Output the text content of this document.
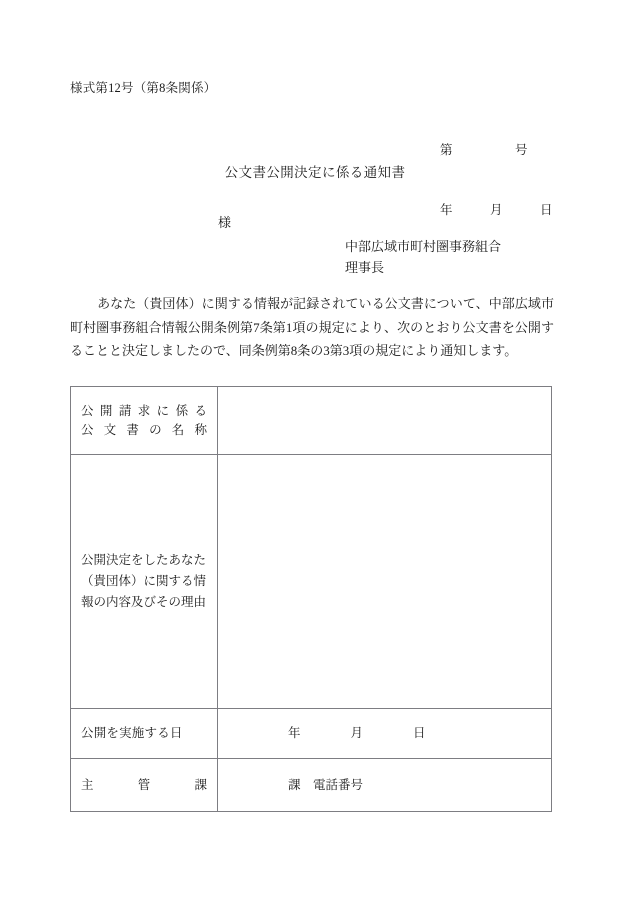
様式第12号（第8条関係）

第　　　　　号

年　　　月　　　日

公文書公開決定に係る通知書
様
中部広域市町村圏事務組合
理事長
　あなた（貴団体）に関する情報が記録されている公文書について、中部広域市町村圏事務組合情報公開条例第7条第1項の規定により、次のとおり公文書を公開することと決定しましたので、同条例第8条の3第3項の規定により通知します。
公開請求に係る
公文書の名称	

公開決定をしたあなた（貴団体）に関する情報の内容及びその理由	

公開を実施する日	年　　　　月　　　　日

主管課	課　電話番号
